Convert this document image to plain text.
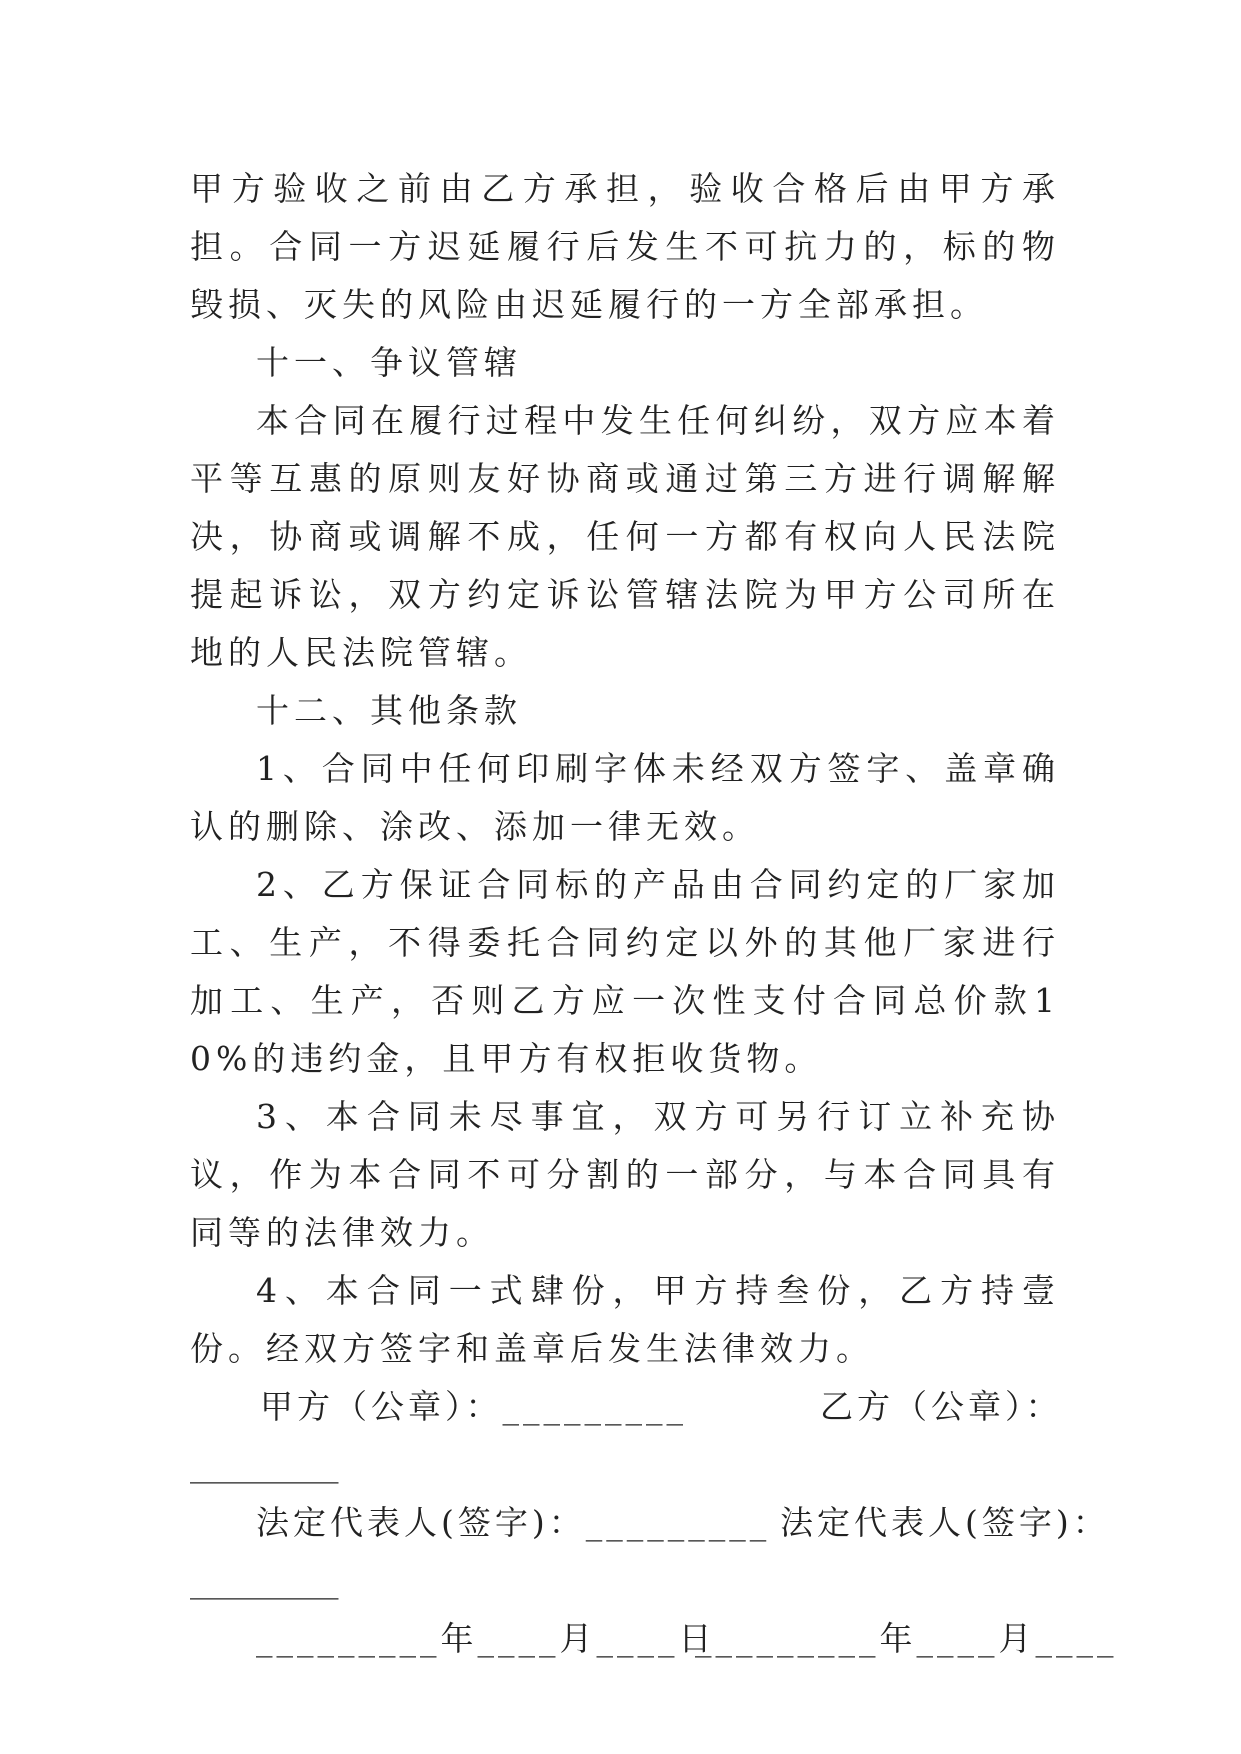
甲方验收之前由乙方承担，验收合格后由甲方承担。合同一方迟延履行后发生不可抗力的，标的物毁损、灭失的风险由迟延履行的一方全部承担。

十一、争议管辖

本合同在履行过程中发生任何纠纷，双方应本着平等互惠的原则友好协商或通过第三方进行调解解决，协商或调解不成，任何一方都有权向人民法院提起诉讼，双方约定诉讼管辖法院为甲方公司所在地的人民法院管辖。

十二、其他条款

1、合同中任何印刷字体未经双方签字、盖章确认的删除、涂改、添加一律无效。

2、乙方保证合同标的产品由合同约定的厂家加工、生产，不得委托合同约定以外的其他厂家进行加工、生产，否则乙方应一次性支付合同总价款10%的违约金，且甲方有权拒收货物。

3、本合同未尽事宜，双方可另行订立补充协议，作为本合同不可分割的一部分，与本合同具有同等的法律效力。

4、本合同一式肆份，甲方持叁份，乙方持壹份。经双方签字和盖章后发生法律效力。

甲方（公章）：_________	乙方（公章）：
_________
法定代表人(签字)：_________ 法定代表人(签字)：
_________
_________年____月____日
_________年____月____
